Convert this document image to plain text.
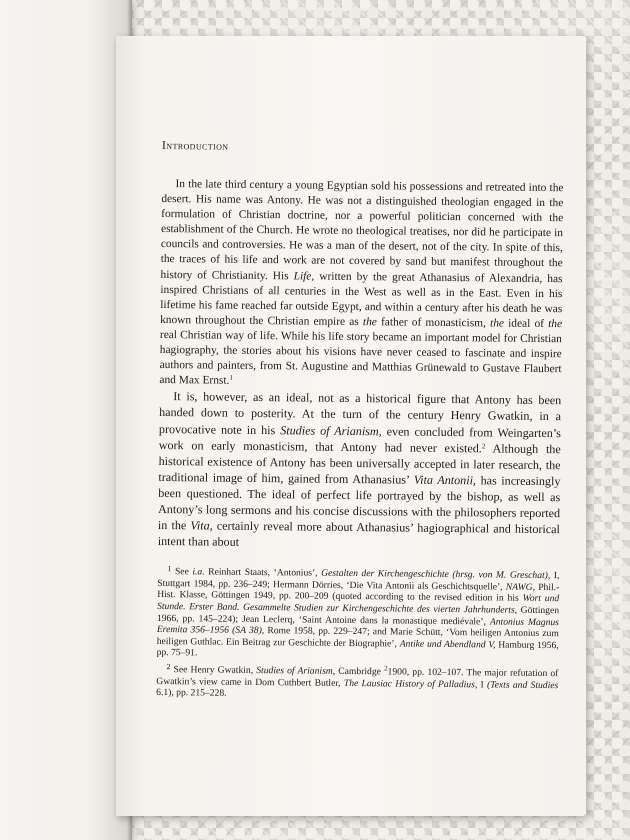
Introduction

In the late third century a young Egyptian sold his possessions and retreated into the desert. His name was Antony. He was not a distinguished theologian engaged in the formulation of Christian doctrine, nor a powerful politician concerned with the establishment of the Church. He wrote no theological treatises, nor did he participate in councils and controversies. He was a man of the desert, not of the city. In spite of this, the traces of his life and work are not covered by sand but manifest throughout the history of Christianity. His Life, written by the great Athanasius of Alexandria, has inspired Christians of all centuries in the West as well as in the East. Even in his lifetime his fame reached far outside Egypt, and within a century after his death he was known throughout the Christian empire as the father of monasticism, the ideal of the real Christian way of life. While his life story became an important model for Christian hagiography, the stories about his visions have never ceased to fascinate and inspire authors and painters, from St. Augustine and Matthias Grünewald to Gustave Flaubert and Max Ernst.$^1$

It is, however, as an ideal, not as a historical figure that Antony has been handed down to posterity. At the turn of the century Henry Gwatkin, in a provocative note in his Studies of Arianism, even concluded from Weingarten’s work on early monasticism, that Antony had never existed.$^2$ Although the historical existence of Antony has been universally accepted in later research, the traditional image of him, gained from Athanasius’ Vita Antonii, has increasingly been questioned. The ideal of perfect life portrayed by the bishop, as well as Antony’s long sermons and his concise discussions with the philosophers reported in the Vita, certainly reveal more about Athanasius’ hagiographical and historical intent than about

$^1$ See i.a. Reinhart Staats, ‘Antonius’, Gestalten der Kirchengeschichte (hrsg. von M. Greschat), I, Stuttgart 1984, pp. 236–249; Hermann Dörries, ‘Die Vita Antonii als Geschichtsquelle’, NAWG, Phil.-Hist. Klasse, Göttingen 1949, pp. 200–209 (quoted according to the revised edition in his Wort und Stunde. Erster Band. Gesammelte Studien zur Kirchengeschichte des vierten Jahrhunderts, Göttingen 1966, pp. 145–224); Jean Leclerq, ‘Saint Antoine dans la monastique mediévale’, Antonius Magnus Eremita 356–1956 (SA 38), Rome 1958, pp. 229–247; and Marie Schütt, ‘Vom heiligen Antonius zum heiligen Guthlac. Ein Beitrag zur Geschichte der Biographie’, Antike und Abendland V, Hamburg 1956, pp. 75–91.

$^2$ See Henry Gwatkin, Studies of Arianism, Cambridge $^2$1900, pp. 102–107. The major refutation of Gwatkin’s view came in Dom Cuthbert Butler, The Lausiac History of Palladius, I (Texts and Studies 6.1), pp. 215–228.
